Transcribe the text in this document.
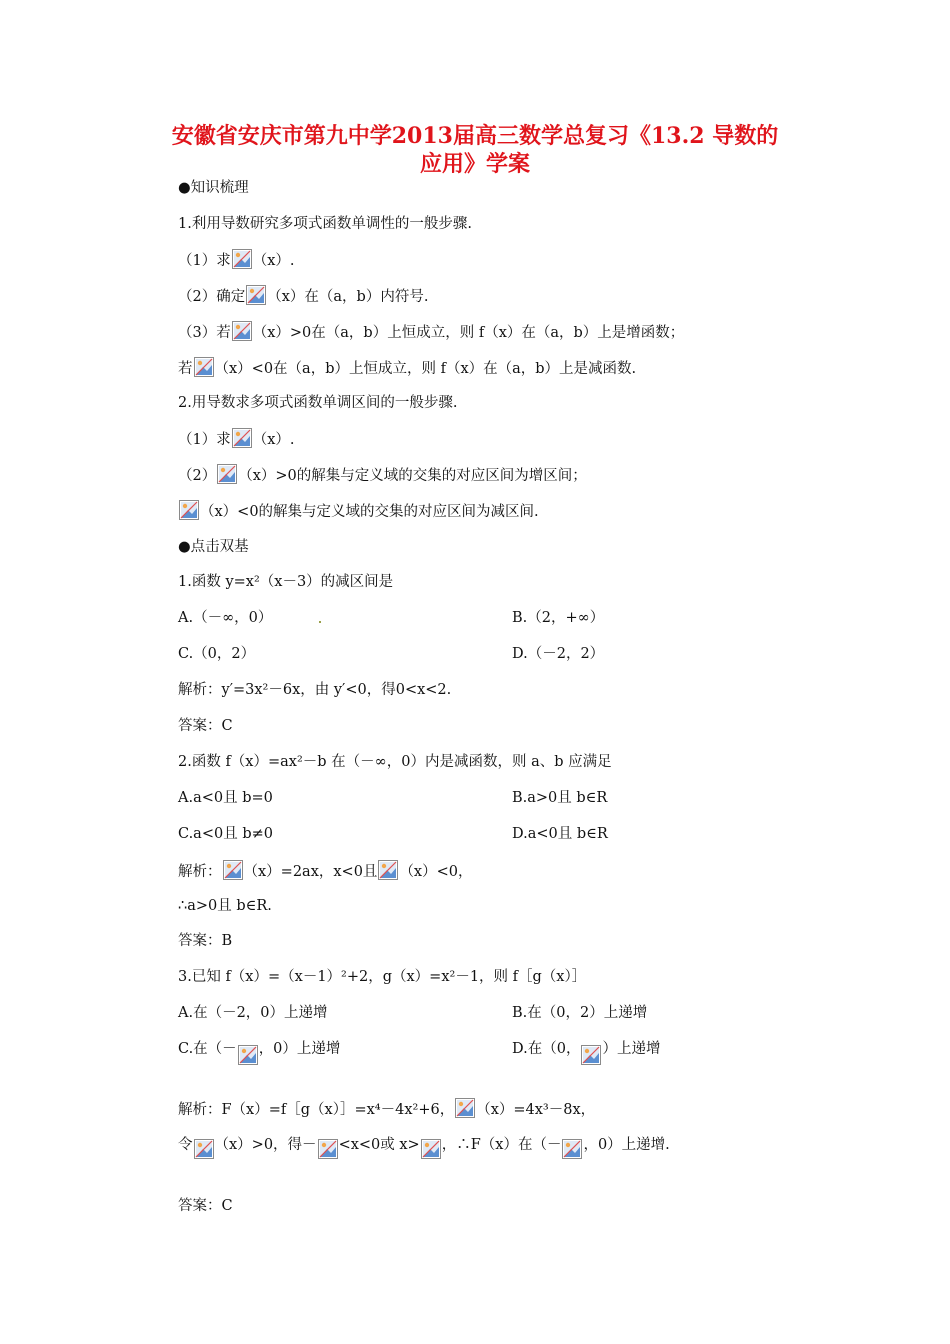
安徽省安庆市第九中学2013届高三数学总复习《13.2 导数的
应用》学案
●知识梳理
1.利用导数研究多项式函数单调性的一般步骤.
（1）求 （x）.
（2）确定 （x）在（a，b）内符号.
（3）若 （x）>0在（a，b）上恒成立，则 f（x）在（a，b）上是增函数；
若 （x）<0在（a，b）上恒成立，则 f（x）在（a，b）上是减函数.
2.用导数求多项式函数单调区间的一般步骤.
（1）求 （x）.
（2） （x）>0的解集与定义域的交集的对应区间为增区间；
（x）<0的解集与定义域的交集的对应区间为减区间.
●点击双基
1.函数 y=x²（x－3）的减区间是
A.（－∞，0）	B.（2，+∞）
C.（0，2）	D.（－2，2）
解析：y′=3x²－6x，由 y′<0，得0<x<2.
答案：C
2.函数 f（x）=ax²－b 在（－∞，0）内是减函数，则 a、b 应满足
A.a<0且 b=0	B.a>0且 b∈R
C.a<0且 b≠0	D.a<0且 b∈R
解析： （x）=2ax，x<0且 （x）<0，
∴a>0且 b∈R.
答案：B
3.已知 f（x）=（x－1）²+2，g（x）=x²－1，则 f［g（x）］
A.在（－2，0）上递增	B.在（0，2）上递增
C.在（－ ，0）上递增	D.在（0， ）上递增
解析：F（x）=f［g（x）］=x⁴－4x²+6， （x）=4x³－8x，
令 （x）>0，得－ <x<0或 x> ，∴F（x）在（－ ，0）上递增.
答案：C
